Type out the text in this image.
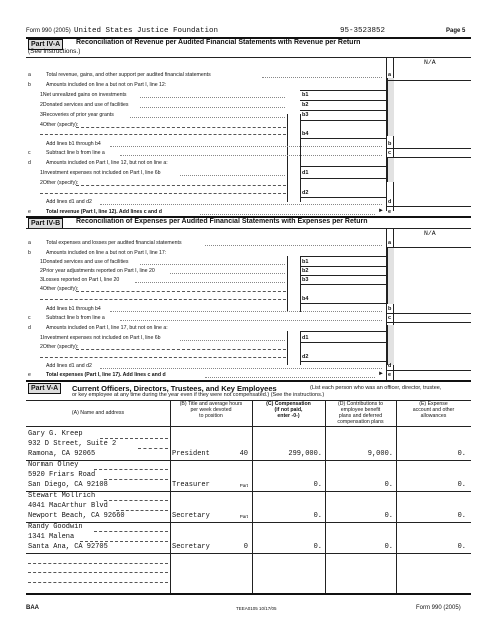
Form 990 (2005) United States Justice Foundation	95-3523852	Page 5
Part IV-A	Reconciliation of Revenue per Audited Financial Statements with Revenue per Return
(See instructions.)
N/A
a	Total revenue, gains, and other support per audited financial statements	a
b	Amounts included on line a but not on Part I, line 12:
1Net unrealized gains on investments	b1
2Donated services and use of facilities	b2
3Recoveries of prior year grants	b3
4Other (specify):
b4
Add lines b1 through b4	b
c	Subtract line b from line a	c
d	Amounts included on Part I, line 12, but not on line a:
1Investment expenses not included on Part I, line 6b	d1
2Other (specify):
d2
Add lines d1 and d2	d
e	Total revenue (Part I, line 12). Add lines c and d	► e
Part IV-B	Reconciliation of Expenses per Audited Financial Statements with Expenses per Return
N/A
a	Total expenses and losses per audited financial statements	a
b	Amounts included on line a but not on Part I, line 17:
1Donated services and use of facilities	b1
2Prior year adjustments reported on Part I, line 20	b2
3Losses reported on Part I, line 20	b3
4Other (specify):
b4
Add lines b1 through b4	b
c	Subtract line b from line a	c
d	Amounts included on Part I, line 17, but not on line a:
1Investment expenses not included on Part I, line 6b	d1
2Other (specify):
d2
Add lines d1 and d2	d
e	Total expenses (Part I, line 17). Add lines c and d	► e
Part V-A	Current Officers, Directors, Trustees, and Key Employees	(List each person who was an officer, director, trustee,
or key employee at any time during the year even if they were not compensated.) (See the instructions.)
(A) Name and address
(B) Title and average hours
per week devoted
to position
(C) Compensation
(if not paid,
enter -0-)
(D) Contributions to
employee benefit
plans and deferred
compensation plans
(E) Expense
account and other
allowances
Gary G. Kreep
932 D Street, Suite 2
Ramona, CA 92065	President	40	299,000.	9,000.	0.
Norman Olney
5920 Friars Road
San Diego, CA 92108	Treasurer	Part	0.	0.	0.
Stewart Mollrich
4041 MacArthur Blvd
Newport Beach, CA 92660	Secretary	Part	0.	0.	0.
Randy Goodwin
1341 Malena
Santa Ana, CA 92705	Secretary	0	0.	0.	0.
BAA	TEEA0105 10/17/05	Form 990 (2005)
